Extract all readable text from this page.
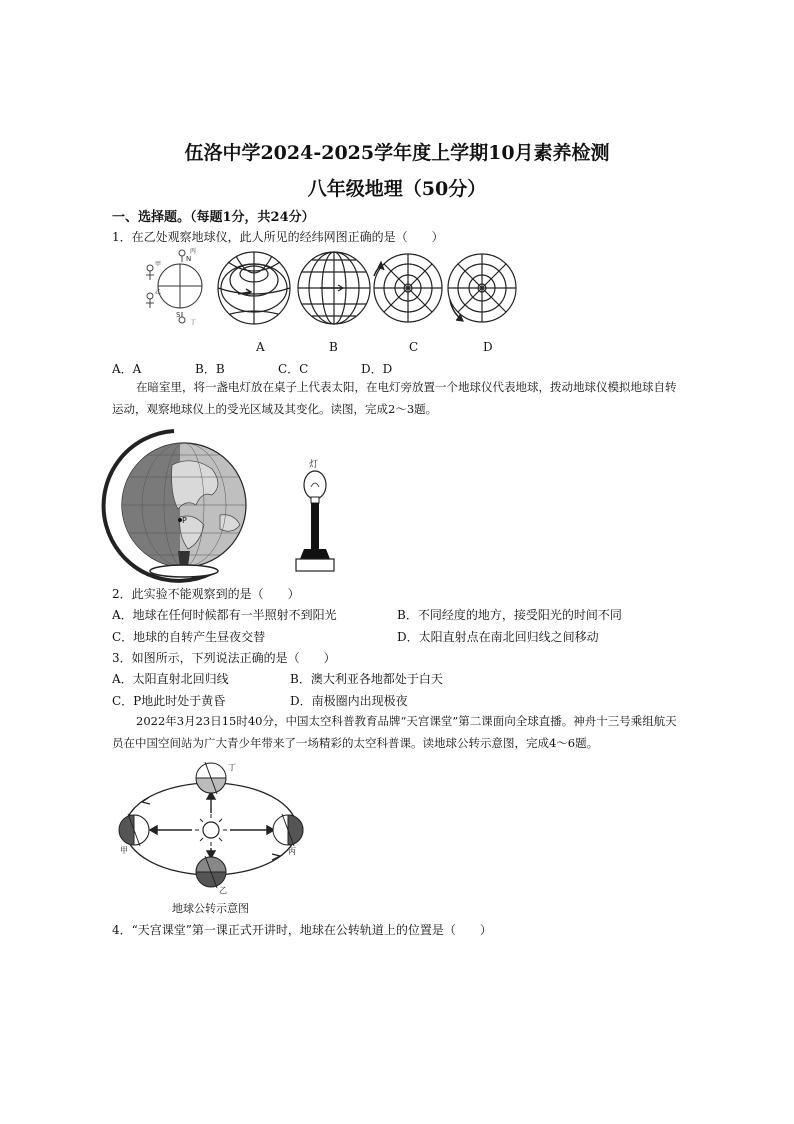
伍洛中学2024-2025学年度上学期10月素养检测
八年级地理（50分）
一、选择题。（每题1分，共24分）
1．在乙处观察地球仪，此人所见的经纬网图正确的是（　　）
N
S
甲
乙
丙
丁
A	B	C	D
A．A	B．B	C．C	D．D
在暗室里，将一盏电灯放在桌子上代表太阳，在电灯旁放置一个地球仪代表地球，拨动地球仪模拟地球自转运动，观察地球仪上的受光区域及其变化。读图，完成2～3题。
P
灯
2．此实验不能观察到的是（　　）
A．地球在任何时候都有一半照射不到阳光	B．不同经度的地方，接受阳光的时间不同
C．地球的自转产生昼夜交替	D．太阳直射点在南北回归线之间移动
3．如图所示，下列说法正确的是（　　）
A．太阳直射北回归线	B．澳大利亚各地都处于白天
C．P地此时处于黄昏	D．南极圈内出现极夜
2022年3月23日15时40分，中国太空科普教育品牌“天宫课堂”第二课面向全球直播。神舟十三号乘组航天员在中国空间站为广大青少年带来了一场精彩的太空科普课。读地球公转示意图，完成4～6题。
甲
乙
丙
丁
地球公转示意图
4．“天宫课堂”第一课正式开讲时，地球在公转轨道上的位置是（　　）
